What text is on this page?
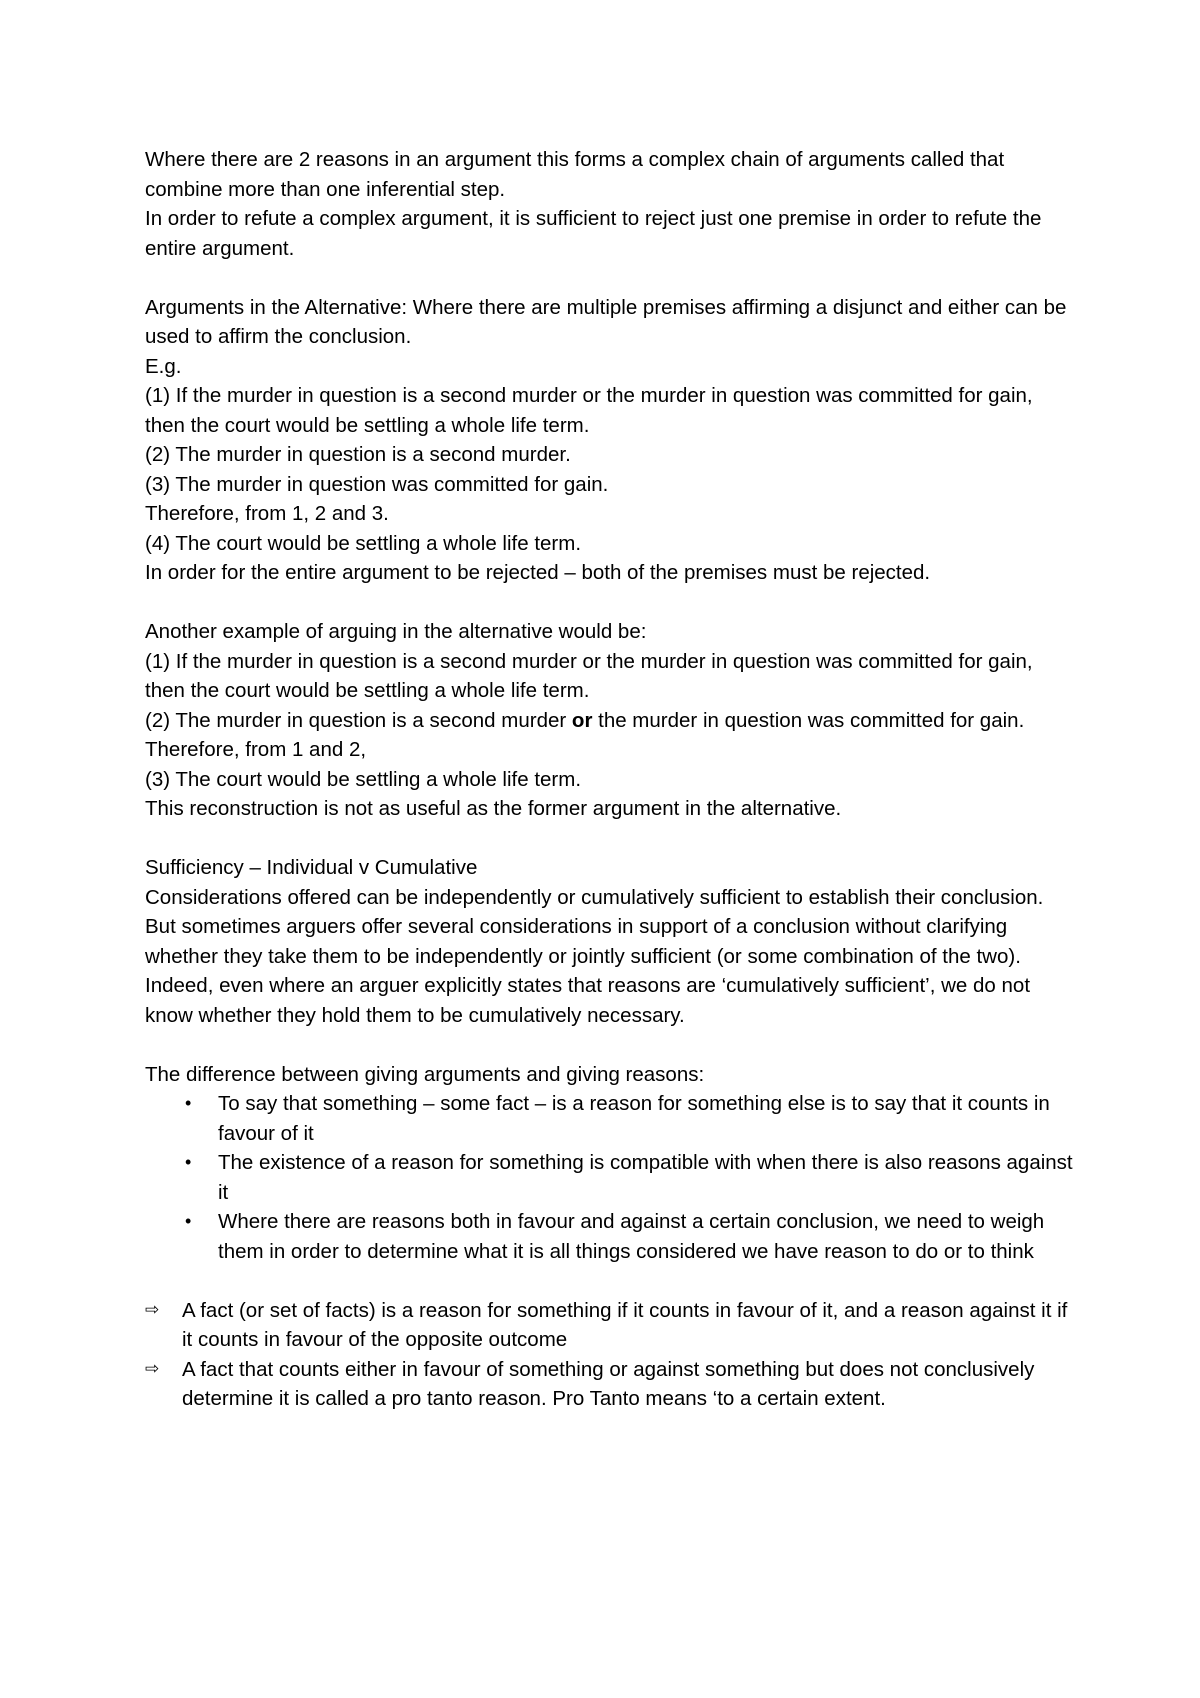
Where there are 2 reasons in an argument this forms a complex chain of arguments called that combine more than one inferential step.

In order to refute a complex argument, it is sufficient to reject just one premise in order to refute the entire argument.

Arguments in the Alternative: Where there are multiple premises affirming a disjunct and either can be used to affirm the conclusion.

E.g.

(1) If the murder in question is a second murder or the murder in question was committed for gain, then the court would be settling a whole life term.

(2) The murder in question is a second murder.

(3) The murder in question was committed for gain.

Therefore, from 1, 2 and 3.

(4) The court would be settling a whole life term.

In order for the entire argument to be rejected – both of the premises must be rejected.

Another example of arguing in the alternative would be:

(1) If the murder in question is a second murder or the murder in question was committed for gain, then the court would be settling a whole life term.

(2) The murder in question is a second murder or the murder in question was committed for gain.

Therefore, from 1 and 2,

(3) The court would be settling a whole life term.

This reconstruction is not as useful as the former argument in the alternative.

Sufficiency – Individual v Cumulative

Considerations offered can be independently or cumulatively sufficient to establish their conclusion. But sometimes arguers offer several considerations in support of a conclusion without clarifying whether they take them to be independently or jointly sufficient (or some combination of the two). Indeed, even where an arguer explicitly states that reasons are ‘cumulatively sufficient’, we do not know whether they hold them to be cumulatively necessary.

The difference between giving arguments and giving reasons:

• To say that something – some fact – is a reason for something else is to say that it counts in favour of it
• The existence of a reason for something is compatible with when there is also reasons against it
• Where there are reasons both in favour and against a certain conclusion, we need to weigh them in order to determine what it is all things considered we have reason to do or to think
⇨ A fact (or set of facts) is a reason for something if it counts in favour of it, and a reason against it if it counts in favour of the opposite outcome
⇨ A fact that counts either in favour of something or against something but does not conclusively determine it is called a pro tanto reason. Pro Tanto means ‘to a certain extent.
